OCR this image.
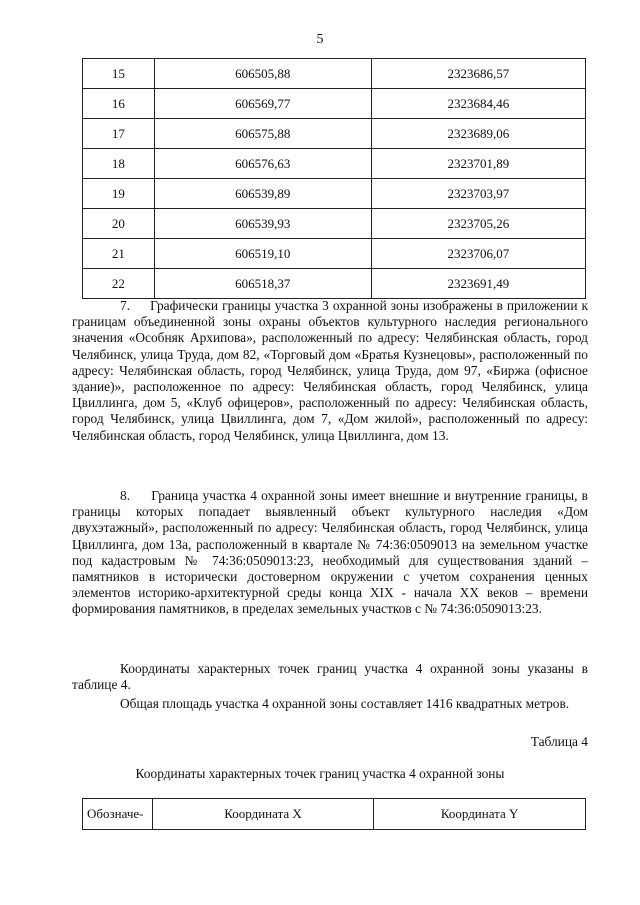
5
15	606505,88	2323686,57
16	606569,77	2323684,46
17	606575,88	2323689,06
18	606576,63	2323701,89
19	606539,89	2323703,97
20	606539,93	2323705,26
21	606519,10	2323706,07
22	606518,37	2323691,49

7.     Графически границы участка 3 охранной зоны изображены в приложении к границам объединенной зоны охраны объектов культурного наследия регионального значения «Особняк Архипова», расположенный по адресу: Челябинская область, город Челябинск, улица Труда, дом 82, «Торговый дом «Братья Кузнецовы», расположенный по адресу: Челябинская область, город Челябинск, улица Труда, дом 97, «Биржа (офисное здание)», расположенное по адресу: Челябинская область, город Челябинск, улица Цвиллинга, дом 5, «Клуб офицеров», расположенный по адресу: Челябинская область, город Челябинск, улица Цвиллинга, дом 7, «Дом жилой», расположенный по адресу: Челябинская область, город Челябинск, улица Цвиллинга, дом 13.

8.     Граница участка 4 охранной зоны имеет внешние и внутренние границы, в границы которых попадает выявленный объект культурного наследия «Дом двухэтажный», расположенный по адресу: Челябинская область, город Челябинск, улица Цвиллинга, дом 13а, расположенный в квартале № 74:36:0509013 на земельном участке под кадастровым № 74:36:0509013:23, необходимый для существования зданий – памятников в исторически достоверном окружении с учетом сохранения ценных элементов историко-архитектурной среды конца XIX - начала XX веков – времени формирования памятников, в пределах земельных участков с № 74:36:0509013:23.

Координаты характерных точек границ участка 4 охранной зоны указаны в таблице 4.

Общая площадь участка 4 охранной зоны составляет 1416 квадратных метров.

Таблица 4
Координаты характерных точек границ участка 4 охранной зоны
Обозначе-	Координата X	Координата Y
